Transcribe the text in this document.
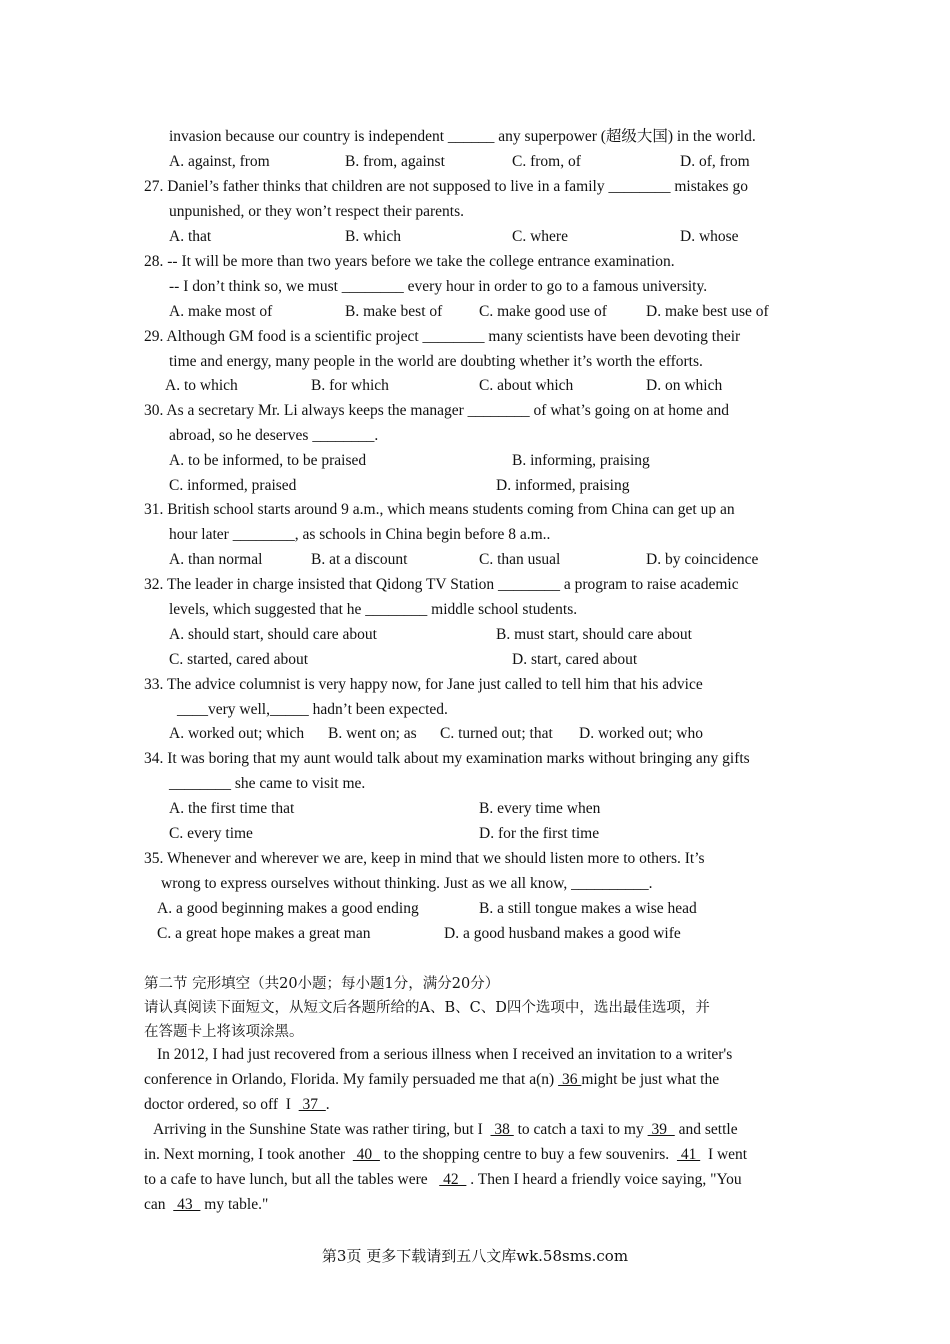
invasion because our country is independent ______ any superpower (超级大国) in the world.
A. against, from	B. from, against	C. from, of	D. of, from
27. Daniel’s father thinks that children are not supposed to live in a family ________ mistakes go
unpunished, or they won’t respect their parents.
A. that	B. which	C. where	D. whose
28. -- It will be more than two years before we take the college entrance examination.
-- I don’t think so, we must ________ every hour in order to go to a famous university.
A. make most of	B. make best of C. make good use of	D. make best use of
29. Although GM food is a scientific project ________ many scientists have been devoting their
time and energy, many people in the world are doubting whether it’s worth the efforts.
A. to which	B. for which	C. about which	D. on which
30. As a secretary Mr. Li always keeps the manager ________ of what’s going on at home and
abroad, so he deserves ________.
A. to be informed, to be praised	B. informing, praising
C. informed, praised	D. informed, praising
31. British school starts around 9 a.m., which means students coming from China can get up an
hour later ________, as schools in China begin before 8 a.m..
A. than normal	B. at a discount	C. than usual	D. by coincidence
32. The leader in charge insisted that Qidong TV Station ________ a program to raise academic
levels, which suggested that he ________ middle school students.
A. should start, should care about	B. must start, should care about
C. started, cared about	D. start, cared about
33. The advice columnist is very happy now, for Jane just called to tell him that his advice
____very well,_____ hadn’t been expected.
A. worked out; which B. went on; as C. turned out; that D. worked out; who
34. It was boring that my aunt would talk about my examination marks without bringing any gifts
________ she came to visit me.
A. the first time that	B. every time when
C. every time	D. for the first time
35. Whenever and wherever we are, keep in mind that we should listen more to others. It’s
wrong to express ourselves without thinking. Just as we all know, __________.
A. a good beginning makes a good ending	B. a still tongue makes a wise head
C. a great hope makes a great man	D. a good husband makes a good wife
第二节 完形填空（共20小题；每小题1分，满分20分）
请认真阅读下面短文，从短文后各题所给的A、B、C、D四个选项中，选出最佳选项，并
在答题卡上将该项涂黑。
In 2012, I had just recovered from a serious illness when I received an invitation to a writer's
conference in Orlando, Florida. My family persuaded me that a(n)  36 might be just what the
doctor ordered, so off  I   37  .
Arriving in the Sunshine State was rather tiring, but I   38  to catch a taxi to my  39   and settle
in. Next morning, I took another   40   to the shopping centre to buy a few souvenirs.   41   I went
to a cafe to have lunch, but all the tables were    42   . Then I heard a friendly voice saying, "You
can   43   my table."
第3页 更多下载请到五八文库wk.58sms.com
